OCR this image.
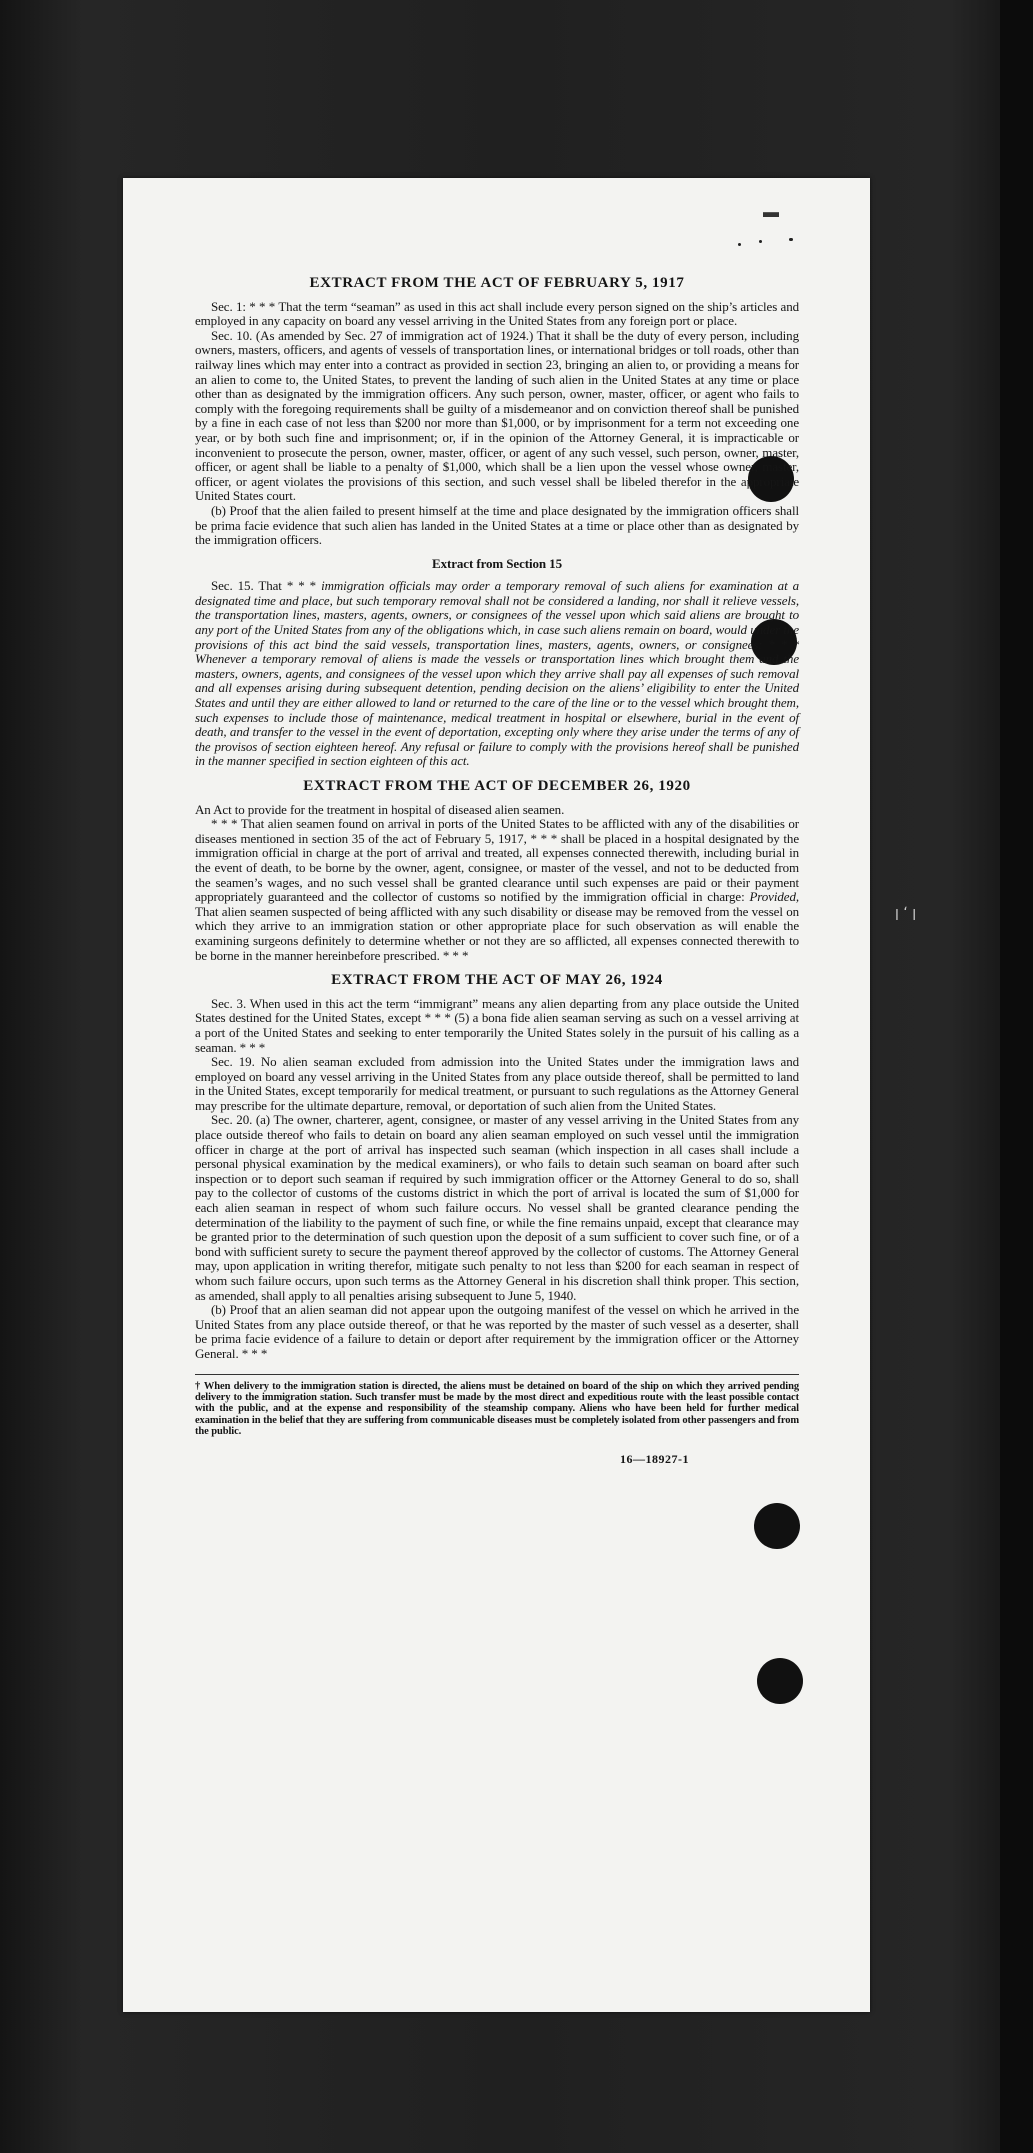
▬
EXTRACT FROM THE ACT OF FEBRUARY 5, 1917

Sec. 1: * * * That the term “seaman” as used in this act shall include every person signed on the ship’s articles and employed in any capacity on board any vessel arriving in the United States from any foreign port or place.

Sec. 10. (As amended by Sec. 27 of immigration act of 1924.) That it shall be the duty of every person, including owners, masters, officers, and agents of vessels of transportation lines, or international bridges or toll roads, other than railway lines which may enter into a contract as provided in section 23, bringing an alien to, or providing a means for an alien to come to, the United States, to prevent the landing of such alien in the United States at any time or place other than as designated by the immigration officers. Any such person, owner, master, officer, or agent who fails to comply with the foregoing requirements shall be guilty of a misdemeanor and on conviction thereof shall be punished by a fine in each case of not less than $200 nor more than $1,000, or by imprisonment for a term not exceeding one year, or by both such fine and imprisonment; or, if in the opinion of the Attorney General, it is impracticable or inconvenient to prosecute the person, owner, master, officer, or agent of any such vessel, such person, owner, master, officer, or agent shall be liable to a penalty of $1,000, which shall be a lien upon the vessel whose owner, master, officer, or agent violates the provisions of this section, and such vessel shall be libeled therefor in the appropriate United States court.

(b) Proof that the alien failed to present himself at the time and place designated by the immigration officers shall be prima facie evidence that such alien has landed in the United States at a time or place other than as designated by the immigration officers.

Extract from Section 15

Sec. 15. That * * * immigration officials may order a temporary removal of such aliens for examination at a designated time and place, but such temporary removal shall not be considered a landing, nor shall it relieve vessels, the transportation lines, masters, agents, owners, or consignees of the vessel upon which said aliens are brought to any port of the United States from any of the obligations which, in case such aliens remain on board, would under the provisions of this act bind the said vessels, transportation lines, masters, agents, owners, or consignees: * * * Whenever a temporary removal of aliens is made the vessels or transportation lines which brought them and the masters, owners, agents, and consignees of the vessel upon which they arrive shall pay all expenses of such removal and all expenses arising during subsequent detention, pending decision on the aliens’ eligibility to enter the United States and until they are either allowed to land or returned to the care of the line or to the vessel which brought them, such expenses to include those of maintenance, medical treatment in hospital or elsewhere, burial in the event of death, and transfer to the vessel in the event of deportation, excepting only where they arise under the terms of any of the provisos of section eighteen hereof. Any refusal or failure to comply with the provisions hereof shall be punished in the manner specified in section eighteen of this act.

EXTRACT FROM THE ACT OF DECEMBER 26, 1920

An Act to provide for the treatment in hospital of diseased alien seamen.

* * * That alien seamen found on arrival in ports of the United States to be afflicted with any of the disabilities or diseases mentioned in section 35 of the act of February 5, 1917, * * * shall be placed in a hospital designated by the immigration official in charge at the port of arrival and treated, all expenses connected therewith, including burial in the event of death, to be borne by the owner, agent, consignee, or master of the vessel, and not to be deducted from the seamen’s wages, and no such vessel shall be granted clearance until such expenses are paid or their payment appropriately guaranteed and the collector of customs so notified by the immigration official in charge: Provided, That alien seamen suspected of being afflicted with any such disability or disease may be removed from the vessel on which they arrive to an immigration station or other appropriate place for such observation as will enable the examining surgeons definitely to determine whether or not they are so afflicted, all expenses connected therewith to be borne in the manner hereinbefore prescribed. * * *

EXTRACT FROM THE ACT OF MAY 26, 1924

Sec. 3. When used in this act the term “immigrant” means any alien departing from any place outside the United States destined for the United States, except * * * (5) a bona fide alien seaman serving as such on a vessel arriving at a port of the United States and seeking to enter temporarily the United States solely in the pursuit of his calling as a seaman. * * *

Sec. 19. No alien seaman excluded from admission into the United States under the immigration laws and employed on board any vessel arriving in the United States from any place outside thereof, shall be permitted to land in the United States, except temporarily for medical treatment, or pursuant to such regulations as the Attorney General may prescribe for the ultimate departure, removal, or deportation of such alien from the United States.

Sec. 20. (a) The owner, charterer, agent, consignee, or master of any vessel arriving in the United States from any place outside thereof who fails to detain on board any alien seaman employed on such vessel until the immigration officer in charge at the port of arrival has inspected such seaman (which inspection in all cases shall include a personal physical examination by the medical examiners), or who fails to detain such seaman on board after such inspection or to deport such seaman if required by such immigration officer or the Attorney General to do so, shall pay to the collector of customs of the customs district in which the port of arrival is located the sum of $1,000 for each alien seaman in respect of whom such failure occurs. No vessel shall be granted clearance pending the determination of the liability to the payment of such fine, or while the fine remains unpaid, except that clearance may be granted prior to the determination of such question upon the deposit of a sum sufficient to cover such fine, or of a bond with sufficient surety to secure the payment thereof approved by the collector of customs. The Attorney General may, upon application in writing therefor, mitigate such penalty to not less than $200 for each seaman in respect of whom such failure occurs, upon such terms as the Attorney General in his discretion shall think proper. This section, as amended, shall apply to all penalties arising subsequent to June 5, 1940.

(b) Proof that an alien seaman did not appear upon the outgoing manifest of the vessel on which he arrived in the United States from any place outside thereof, or that he was reported by the master of such vessel as a deserter, shall be prima facie evidence of a failure to detain or deport after requirement by the immigration officer or the Attorney General. * * *

† When delivery to the immigration station is directed, the aliens must be detained on board of the ship on which they arrived pending delivery to the immigration station. Such transfer must be made by the most direct and expeditious route with the least possible contact with the public, and at the expense and responsibility of the steamship company. Aliens who have been held for further medical examination in the belief that they are suffering from communicable diseases must be completely isolated from other passengers and from the public.

16—18927-1
ꞁ ʻ ꞁ
